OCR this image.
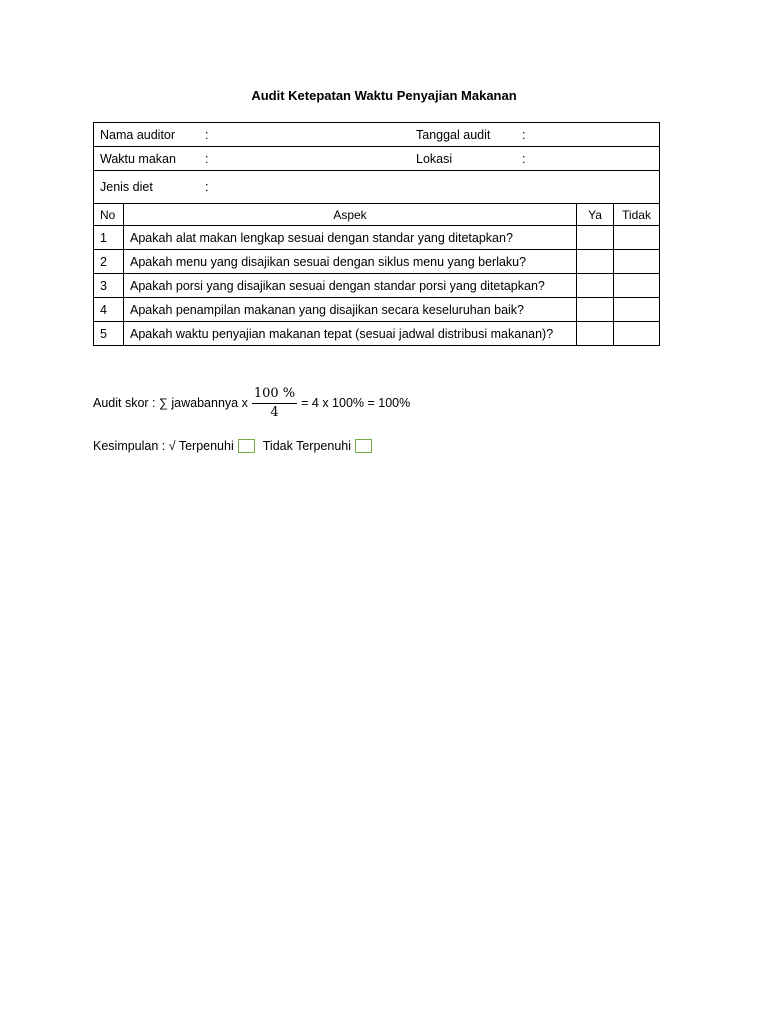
Audit Ketepatan Waktu Penyajian Makanan
Nama auditor : Tanggal audit :			

Waktu makan : Lokasi :			

Jenis diet :			

No	Aspek	Ya	Tidak
1	Apakah alat makan lengkap sesuai dengan standar yang ditetapkan?		
2	Apakah menu yang disajikan sesuai dengan siklus menu yang berlaku?		
3	Apakah porsi yang disajikan sesuai dengan standar porsi yang ditetapkan?		
4	Apakah penampilan makanan yang disajikan secara keseluruhan baik?		
5	Apakah waktu penyajian makanan tepat (sesuai jadwal distribusi makanan)?		
Audit skor : ∑ jawabannya x $\frac{100 \%}{4} = 4$ x 100% = 100%
Kesimpulan : √ Terpenuhi Tidak Terpenuhi
